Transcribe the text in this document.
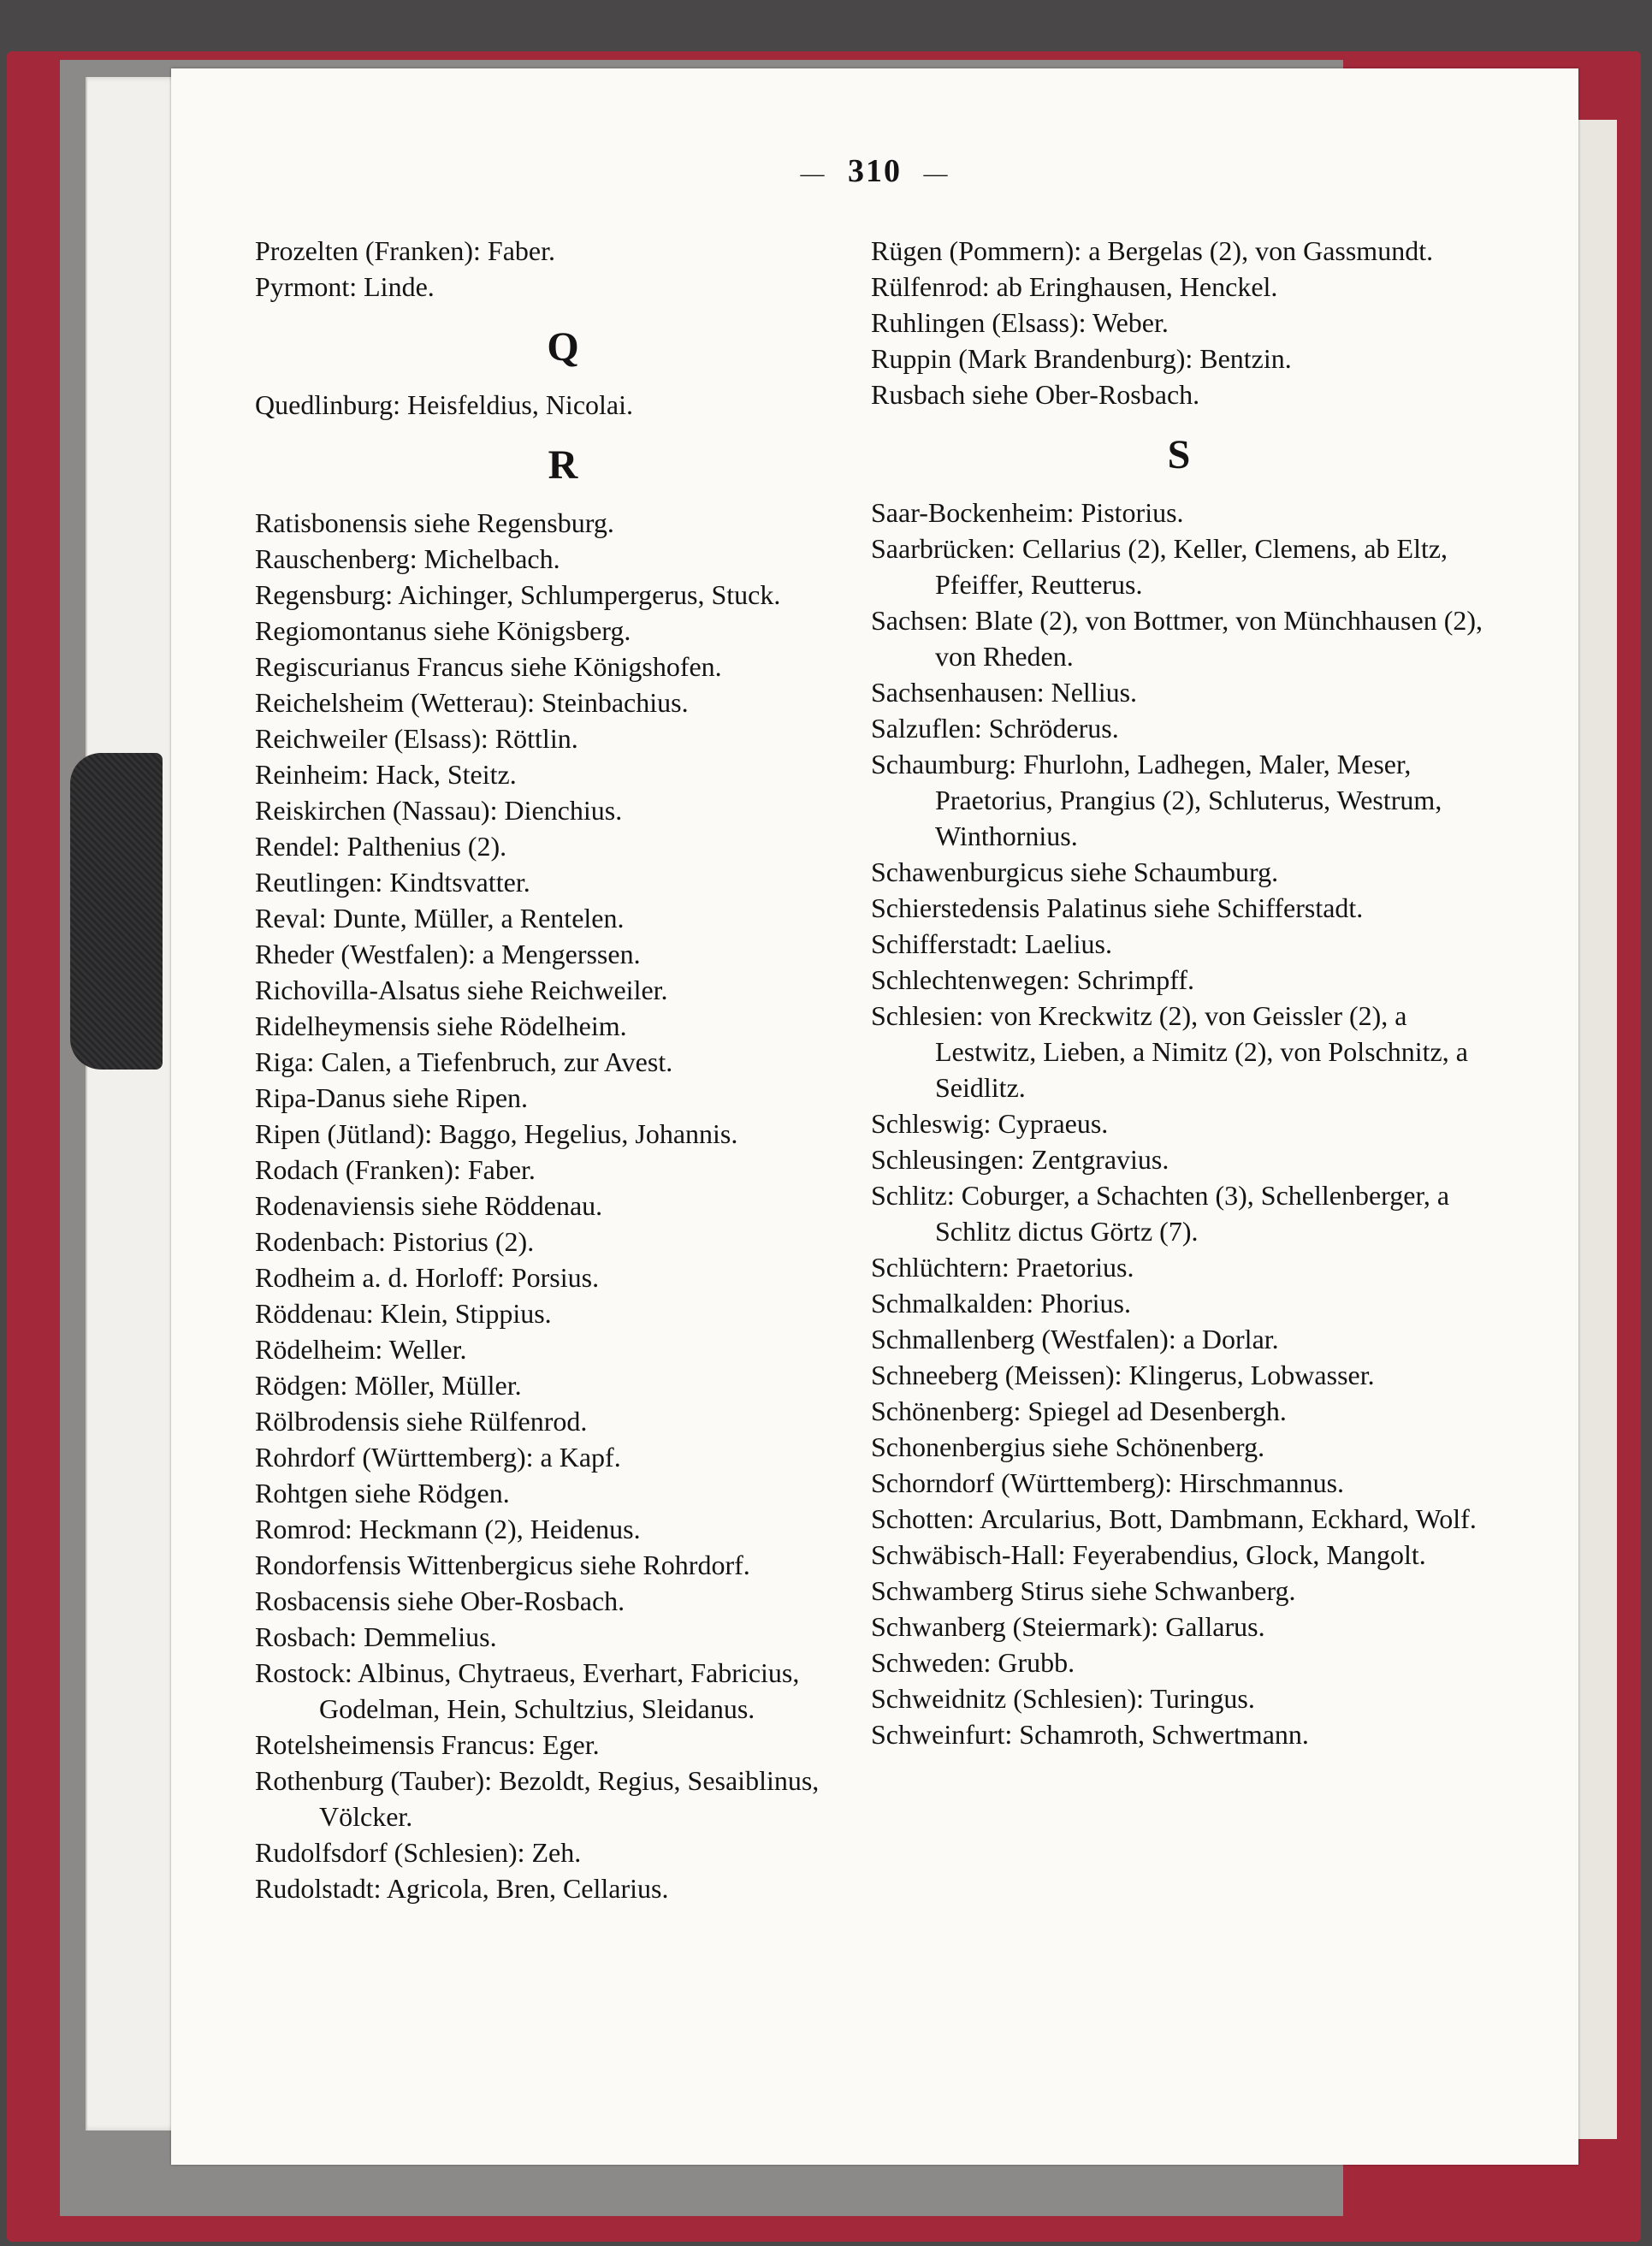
— 310 —

Prozelten (Franken): Faber.

Pyrmont: Linde.

Q

Quedlinburg: Heisfeldius, Nicolai.

R

Ratisbonensis siehe Regensburg.

Rauschenberg: Michelbach.

Regensburg: Aichinger, Schlumpergerus, Stuck.

Regiomontanus siehe Königsberg.

Regiscurianus Francus siehe Königshofen.

Reichelsheim (Wetterau): Steinbachius.

Reichweiler (Elsass): Röttlin.

Reinheim: Hack, Steitz.

Reiskirchen (Nassau): Dienchius.

Rendel: Palthenius (2).

Reutlingen: Kindtsvatter.

Reval: Dunte, Müller, a Rentelen.

Rheder (Westfalen): a Mengerssen.

Richovilla-Alsatus siehe Reichweiler.

Ridelheymensis siehe Rödelheim.

Riga: Calen, a Tiefenbruch, zur Avest.

Ripa-Danus siehe Ripen.

Ripen (Jütland): Baggo, Hegelius, Johannis.

Rodach (Franken): Faber.

Rodenaviensis siehe Röddenau.

Rodenbach: Pistorius (2).

Rodheim a. d. Horloff: Porsius.

Röddenau: Klein, Stippius.

Rödelheim: Weller.

Rödgen: Möller, Müller.

Rölbrodensis siehe Rülfenrod.

Rohrdorf (Württemberg): a Kapf.

Rohtgen siehe Rödgen.

Romrod: Heckmann (2), Heidenus.

Rondorfensis Wittenbergicus siehe Rohrdorf.

Rosbacensis siehe Ober-Rosbach.

Rosbach: Demmelius.

Rostock: Albinus, Chytraeus, Everhart, Fabricius, Godelman, Hein, Schultzius, Sleidanus.

Rotelsheimensis Francus: Eger.

Rothenburg (Tauber): Bezoldt, Regius, Sesaiblinus, Völcker.

Rudolfsdorf (Schlesien): Zeh.

Rudolstadt: Agricola, Bren, Cellarius.

Rügen (Pommern): a Bergelas (2), von Gassmundt.

Rülfenrod: ab Eringhausen, Henckel.

Ruhlingen (Elsass): Weber.

Ruppin (Mark Brandenburg): Bentzin.

Rusbach siehe Ober-Rosbach.

S

Saar-Bockenheim: Pistorius.

Saarbrücken: Cellarius (2), Keller, Clemens, ab Eltz, Pfeiffer, Reutterus.

Sachsen: Blate (2), von Bottmer, von Münchhausen (2), von Rheden.

Sachsenhausen: Nellius.

Salzuflen: Schröderus.

Schaumburg: Fhurlohn, Ladhegen, Maler, Meser, Praetorius, Prangius (2), Schluterus, Westrum, Winthornius.

Schawenburgicus siehe Schaumburg.

Schierstedensis Palatinus siehe Schifferstadt.

Schifferstadt: Laelius.

Schlechtenwegen: Schrimpff.

Schlesien: von Kreckwitz (2), von Geissler (2), a Lestwitz, Lieben, a Nimitz (2), von Polschnitz, a Seidlitz.

Schleswig: Cypraeus.

Schleusingen: Zentgravius.

Schlitz: Coburger, a Schachten (3), Schellenberger, a Schlitz dictus Görtz (7).

Schlüchtern: Praetorius.

Schmalkalden: Phorius.

Schmallenberg (Westfalen): a Dorlar.

Schneeberg (Meissen): Klingerus, Lobwasser.

Schönenberg: Spiegel ad Desenbergh.

Schonenbergius siehe Schönenberg.

Schorndorf (Württemberg): Hirschmannus.

Schotten: Arcularius, Bott, Dambmann, Eckhard, Wolf.

Schwäbisch-Hall: Feyerabendius, Glock, Mangolt.

Schwamberg Stirus siehe Schwanberg.

Schwanberg (Steiermark): Gallarus.

Schweden: Grubb.

Schweidnitz (Schlesien): Turingus.

Schweinfurt: Schamroth, Schwertmann.
